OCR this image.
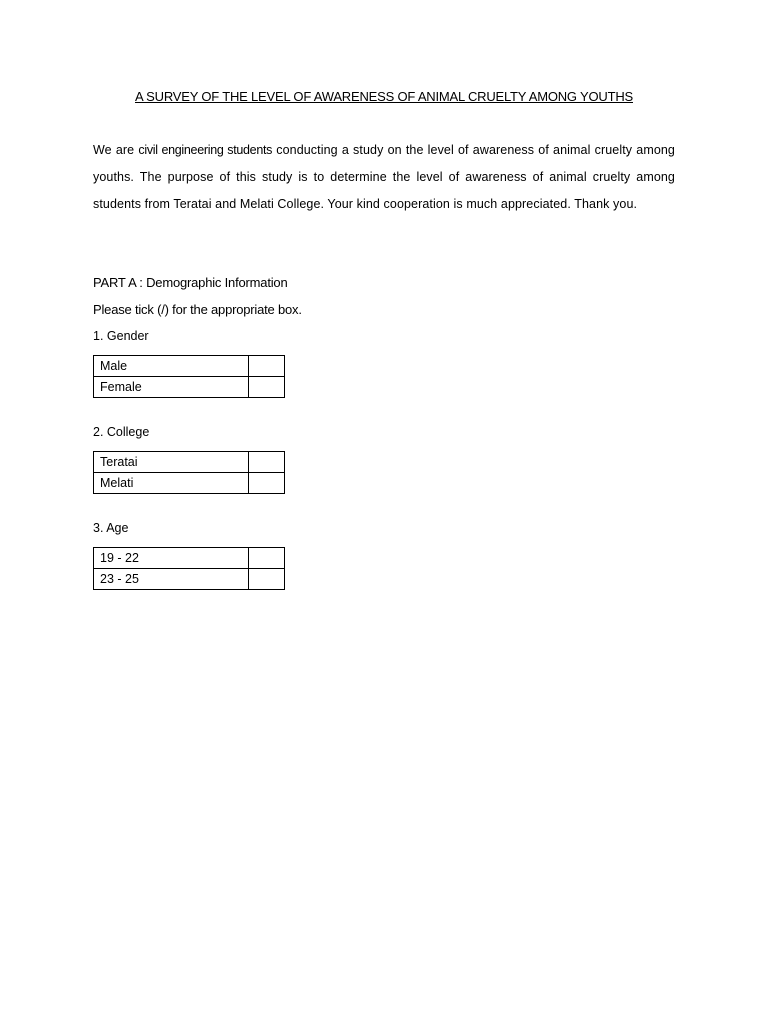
A SURVEY OF THE LEVEL OF AWARENESS OF ANIMAL CRUELTY AMONG YOUTHS

We are civil engineering students conducting a study on the level of awareness of animal cruelty among youths. The purpose of this study is to determine the level of awareness of animal cruelty among students from Teratai and Melati College. Your kind cooperation is much appreciated. Thank you.

PART A : Demographic Information
Please tick (/) for the appropriate box.
1. Gender
Male	
Female	
2. College
Teratai	
Melati	
3. Age
19 - 22	
23 - 25	
